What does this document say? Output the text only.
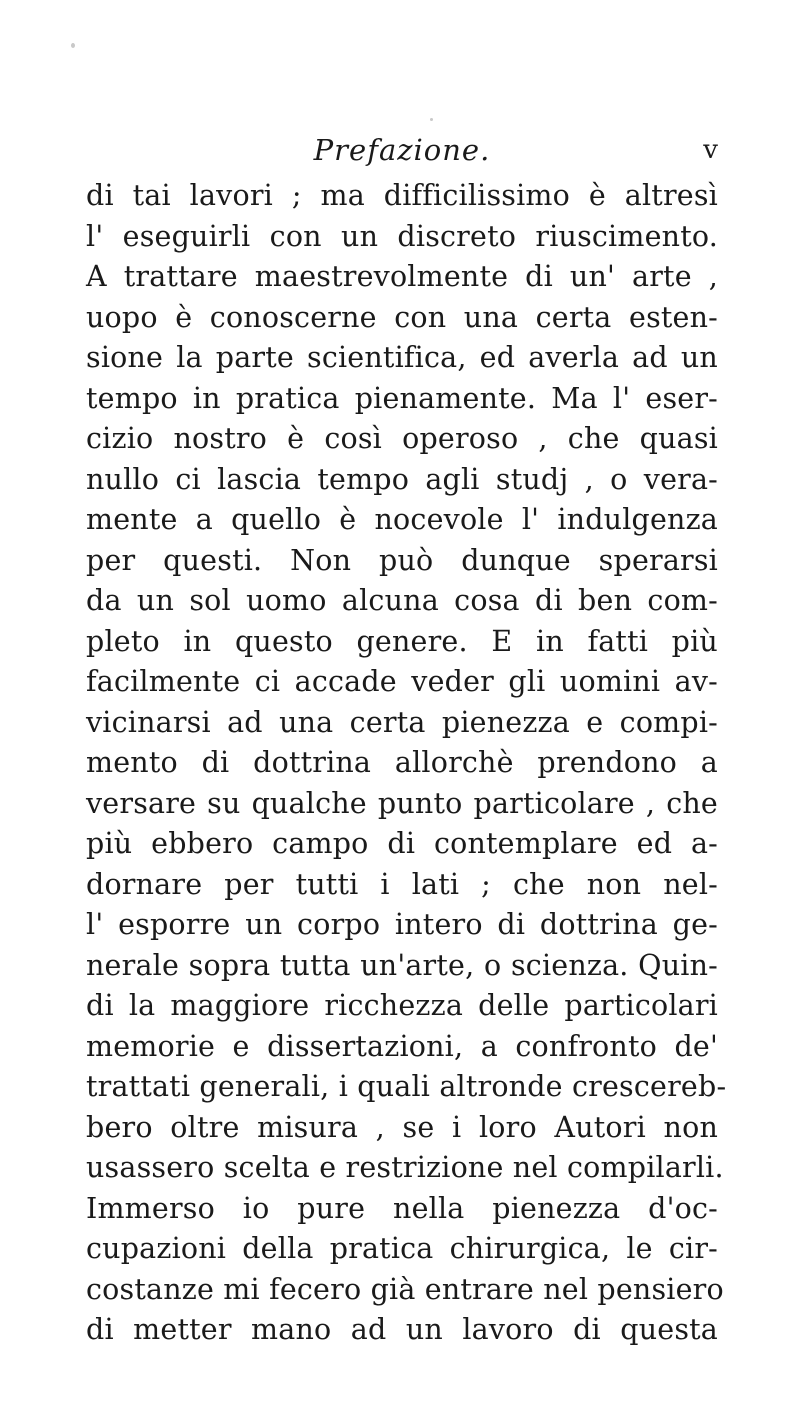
Prefazione.	v
di tai lavori ; ma difficilissimo è altresì
l' eseguirli con un discreto riuscimento.
A trattare maestrevolmente di un' arte ,
uopo è conoscerne con una certa esten-
sione la parte scientifica, ed averla ad un
tempo in pratica pienamente. Ma l' eser-
cizio nostro è così operoso , che quasi
nullo ci lascia tempo agli studj , o vera-
mente a quello è nocevole l' indulgenza
per questi. Non può dunque sperarsi
da un sol uomo alcuna cosa di ben com-
pleto in questo genere. E in fatti più
facilmente ci accade veder gli uomini av-
vicinarsi ad una certa pienezza e compi-
mento di dottrina allorchè prendono a
versare su qualche punto particolare , che
più ebbero campo di contemplare ed a-
dornare per tutti i lati ; che non nel-
l' esporre un corpo intero di dottrina ge-
nerale sopra tutta un'arte, o scienza. Quin-
di la maggiore ricchezza delle particolari
memorie e dissertazioni, a confronto de'
trattati generali, i quali altronde crescereb-
bero oltre misura , se i loro Autori non
usassero scelta e restrizione nel compilarli.
Immerso io pure nella pienezza d'oc-
cupazioni della pratica chirurgica, le cir-
costanze mi fecero già entrare nel pensiero
di metter mano ad un lavoro di questa
